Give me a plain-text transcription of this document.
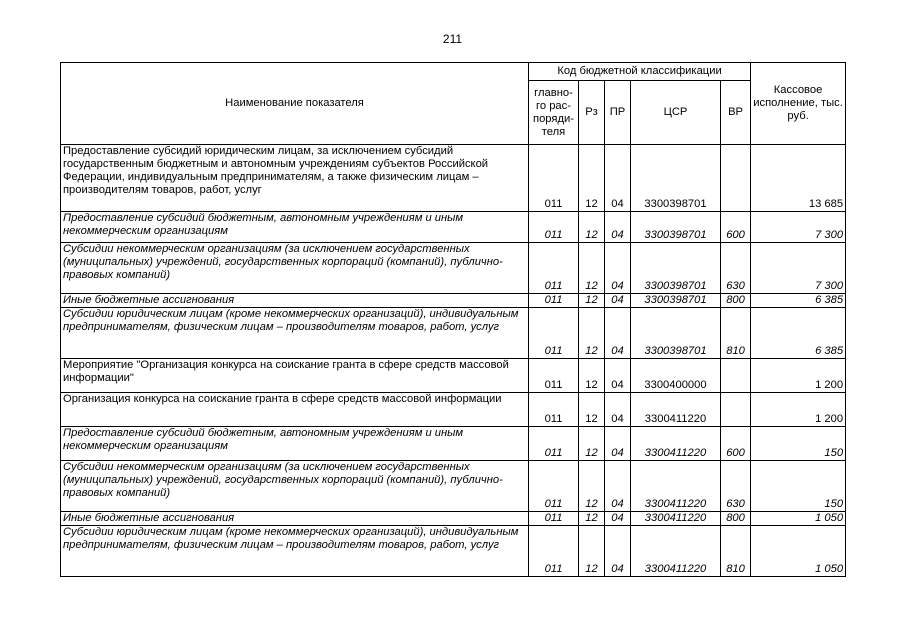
211
Наименование показателя	Код бюджетной классификации					Кассовое исполнение, тыс. руб.
	главно-го рас-поряди-теля	Рз	ПР	ЦСР	ВР	
Предоставление субсидий юридическим лицам, за исключением субсидий государственным бюджетным и автономным учреждениям субъектов Российской Федерации, индивидуальным предпринимателям, а также физическим лицам – производителям товаров, работ, услуг	011	12	04	3300398701		13 685
Предоставление субсидий бюджетным, автономным учреждениям и иным некоммерческим организациям	011	12	04	3300398701	600	7 300
Субсидии некоммерческим организациям (за исключением государственных (муниципальных) учреждений, государственных корпораций (компаний), публично-правовых компаний)	011	12	04	3300398701	630	7 300
Иные бюджетные ассигнования	011	12	04	3300398701	800	6 385
Субсидии юридическим лицам (кроме некоммерческих организаций), индивидуальным предпринимателям, физическим лицам – производителям товаров, работ, услуг	011	12	04	3300398701	810	6 385
Мероприятие "Организация конкурса на соискание гранта в сфере средств массовой информации"	011	12	04	3300400000		1 200
Организация конкурса на соискание гранта в сфере средств массовой информации	011	12	04	3300411220		1 200
Предоставление субсидий бюджетным, автономным учреждениям и иным некоммерческим организациям	011	12	04	3300411220	600	150
Субсидии некоммерческим организациям (за исключением государственных (муниципальных) учреждений, государственных корпораций (компаний), публично-правовых компаний)	011	12	04	3300411220	630	150
Иные бюджетные ассигнования	011	12	04	3300411220	800	1 050
Субсидии юридическим лицам (кроме некоммерческих организаций), индивидуальным предпринимателям, физическим лицам – производителям товаров, работ, услуг	011	12	04	3300411220	810	1 050
